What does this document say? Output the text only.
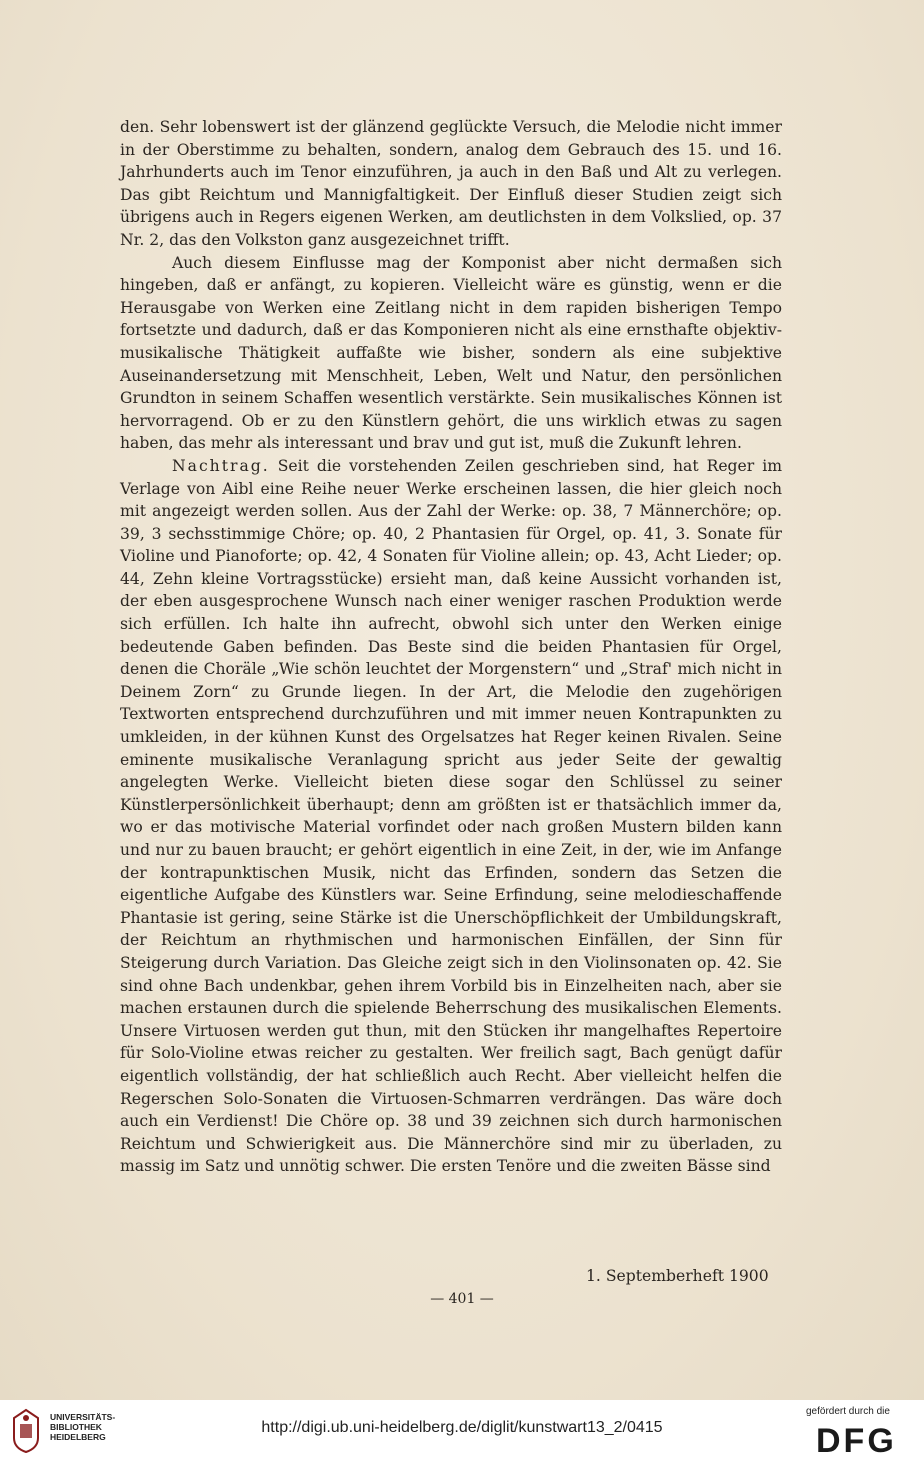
den. Sehr lobenswert ist der glänzend geglückte Versuch, die Melodie nicht immer in der Oberstimme zu behalten, sondern, analog dem Gebrauch des 15. und 16. Jahrhunderts auch im Tenor einzuführen, ja auch in den Baß und Alt zu verlegen. Das gibt Reichtum und Mannigfaltigkeit. Der Einfluß dieser Studien zeigt sich übrigens auch in Regers eigenen Werken, am deutlichsten in dem Volkslied, op. 37 Nr. 2, das den Volkston ganz ausgezeichnet trifft.

Auch diesem Einflusse mag der Komponist aber nicht dermaßen sich hingeben, daß er anfängt, zu kopieren. Vielleicht wäre es günstig, wenn er die Herausgabe von Werken eine Zeitlang nicht in dem rapiden bisherigen Tempo fortsetzte und dadurch, daß er das Komponieren nicht als eine ernsthafte objektiv-musikalische Thätigkeit auffaßte wie bisher, sondern als eine subjektive Auseinandersetzung mit Menschheit, Leben, Welt und Natur, den persönlichen Grundton in seinem Schaffen wesentlich verstärkte. Sein musikalisches Können ist hervorragend. Ob er zu den Künstlern gehört, die uns wirklich etwas zu sagen haben, das mehr als interessant und brav und gut ist, muß die Zukunft lehren.

Nachtrag. Seit die vorstehenden Zeilen geschrieben sind, hat Reger im Verlage von Aibl eine Reihe neuer Werke erscheinen lassen, die hier gleich noch mit angezeigt werden sollen. Aus der Zahl der Werke: op. 38, 7 Männerchöre; op. 39, 3 sechsstimmige Chöre; op. 40, 2 Phantasien für Orgel, op. 41, 3. Sonate für Violine und Pianoforte; op. 42, 4 Sonaten für Violine allein; op. 43, Acht Lieder; op. 44, Zehn kleine Vortragsstücke) ersieht man, daß keine Aussicht vorhanden ist, der eben ausgesprochene Wunsch nach einer weniger raschen Produktion werde sich erfüllen. Ich halte ihn aufrecht, obwohl sich unter den Werken einige bedeutende Gaben befinden. Das Beste sind die beiden Phantasien für Orgel, denen die Choräle „Wie schön leuchtet der Morgenstern“ und „Straf' mich nicht in Deinem Zorn“ zu Grunde liegen. In der Art, die Melodie den zugehörigen Textworten entsprechend durchzuführen und mit immer neuen Kontrapunkten zu umkleiden, in der kühnen Kunst des Orgelsatzes hat Reger keinen Rivalen. Seine eminente musikalische Veranlagung spricht aus jeder Seite der gewaltig angelegten Werke. Vielleicht bieten diese sogar den Schlüssel zu seiner Künstlerpersönlichkeit überhaupt; denn am größten ist er thatsächlich immer da, wo er das motivische Material vorfindet oder nach großen Mustern bilden kann und nur zu bauen braucht; er gehört eigentlich in eine Zeit, in der, wie im Anfange der kontrapunktischen Musik, nicht das Erfinden, sondern das Setzen die eigentliche Aufgabe des Künstlers war. Seine Erfindung, seine melodieschaffende Phantasie ist gering, seine Stärke ist die Unerschöpflichkeit der Umbildungskraft, der Reichtum an rhythmischen und harmonischen Einfällen, der Sinn für Steigerung durch Variation. Das Gleiche zeigt sich in den Violinsonaten op. 42. Sie sind ohne Bach undenkbar, gehen ihrem Vorbild bis in Einzelheiten nach, aber sie machen erstaunen durch die spielende Beherrschung des musikalischen Elements. Unsere Virtuosen werden gut thun, mit den Stücken ihr mangelhaftes Repertoire für Solo-Violine etwas reicher zu gestalten. Wer freilich sagt, Bach genügt dafür eigentlich vollständig, der hat schließlich auch Recht. Aber vielleicht helfen die Regerschen Solo-Sonaten die Virtuosen-Schmarren verdrängen. Das wäre doch auch ein Verdienst! Die Chöre op. 38 und 39 zeichnen sich durch harmonischen Reichtum und Schwierigkeit aus. Die Männerchöre sind mir zu überladen, zu massig im Satz und unnötig schwer. Die ersten Tenöre und die zweiten Bässe sind

1. Septemberheft 1900
— 401 —
UNIVERSITÄTS-
BIBLIOTHEK
HEIDELBERG
http://digi.ub.uni-heidelberg.de/diglit/kunstwart13_2/0415
gefördert durch die
DFG
